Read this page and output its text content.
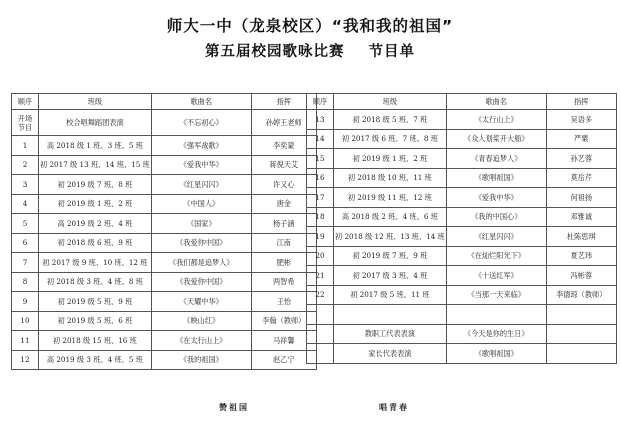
师大一中（龙泉校区）“我和我的祖国”
第五届校园歌咏比赛 节目单
顺序	班级	歌曲名	指挥
开场
节目	校合唱舞蹈团表演	《不忘初心》	孙婷王老师
1	高 2018 级 1 班、3 班、5 班	《强军战歌》	李奕蒙
2	初 2017 级 13 班、14 班、15 班	《爱我中华》	蒋倪天艾
3	初 2019 级 7 班、8 班	《红星闪闪》	许又心
4	初 2019 级 1 班、2 班	《中国人》	唐金
5	高 2019 级 2 班、4 班	《国家》	杨子涵
6	初 2018 级 6 班、9 班	《我爱你中国》	江南
7	初 2017 级 9 班、10 班、12 班	《我们都是追梦人》	肥彬
8	初 2018 级 3 班、4 班、8 班	《我爱你中国》	两智希
9	初 2019 级 5 班、9 班	《天耀中华》	王怡
10	初 2019 级 5 班、6 班	《映山红》	李翰（教师）
11	初 2018 级 15 班、16 班	《在太行山上》	马祥馨
12	高 2019 级 3 班、4 班、5 班	《我的祖国》	赵乙宁
顺序	班级	歌曲名	指挥
13	初 2018 级 5 班、7 班	《太行山上》	吴语多
14	初 2017 级 6 班、7 班、8 班	《众人划桨开大船》	严粟
15	初 2019 级 1 班、2 班	《青春追梦人》	孙艺蓉
16	初 2018 级 10 班、11 班	《歌唱祖国》	莫岳芹
17	初 2019 级 11 班、12 班	《爱我中华》	何祖扬
18	高 2018 级 2 班、4 班、6 班	《我的中国心》	邓雅诚
19	初 2018 级 12 班、13 班、14 班	《红星闪闪》	杜陈思琪
20	初 2019 级 7 班、9 班	《在灿烂阳光下》	夏艺玮
21	初 2017 级 3 班、4 班	《十送红军》	冯彬蓉
22	初 2017 级 5 班、11 班	《当那一天来临》	李德琼（教师）

	教职工代表表演	《今天是你的生日》	
	家长代表表演	《歌唱祖国》	
赞祖国	唱青春
